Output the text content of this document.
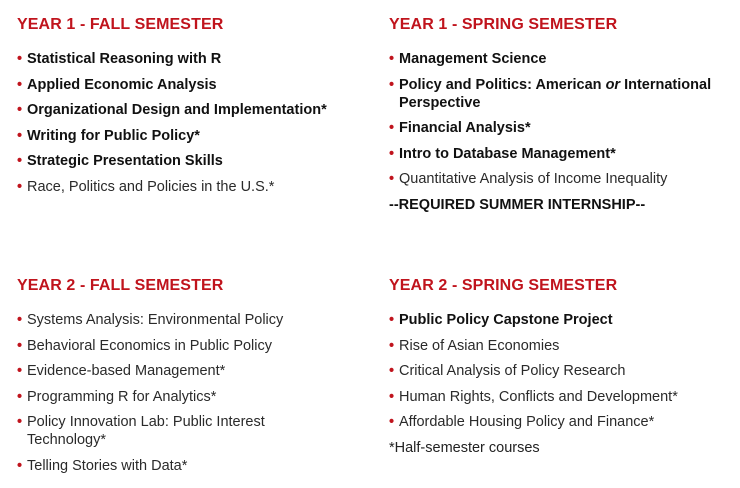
YEAR 1 - FALL SEMESTER
• Statistical Reasoning with R
• Applied Economic Analysis
• Organizational Design and Implementation*
• Writing for Public Policy*
• Strategic Presentation Skills
• Race, Politics and Policies in the U.S.*
YEAR 1 - SPRING SEMESTER
• Management Science
• Policy and Politics: American or International Perspective
• Financial Analysis*
• Intro to Database Management*
• Quantitative Analysis of Income Inequality
--REQUIRED SUMMER INTERNSHIP--
YEAR 2 - FALL SEMESTER
• Systems Analysis: Environmental Policy
• Behavioral Economics in Public Policy
• Evidence-based Management*
• Programming R for Analytics*
• Policy Innovation Lab: Public Interest Technology*
• Telling Stories with Data*
YEAR 2 - SPRING SEMESTER
• Public Policy Capstone Project
• Rise of Asian Economies
• Critical Analysis of Policy Research
• Human Rights, Conflicts and Development*
• Affordable Housing Policy and Finance*
*Half-semester courses
